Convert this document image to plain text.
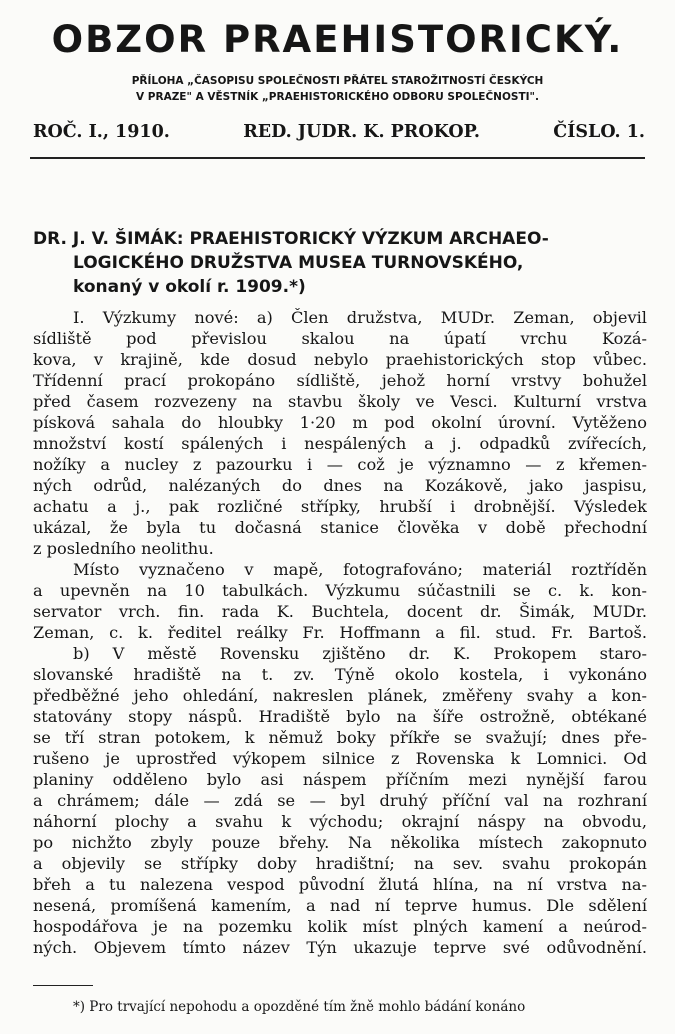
OBZOR PRAEHISTORICKÝ.
PŘÍLOHA „ČASOPISU SPOLEČNOSTI PŘÁTEL STAROŽITNOSTÍ ČESKÝCH
V PRAZE" A VĚSTNÍK „PRAEHISTORICKÉHO ODBORU SPOLEČNOSTI".
ROČ. I., 1910.	RED. JUDR. K. PROKOP.	ČÍSLO. 1.
DR. J. V. ŠIMÁK: PRAEHISTORICKÝ VÝZKUM ARCHAEO-
LOGICKÉHO DRUŽSTVA MUSEA TURNOVSKÉHO,
konaný v okolí r. 1909.*)
I. Výzkumy nové: a) Člen družstva, MUDr. Zeman, objevil
sídliště pod převislou skalou na úpatí vrchu Kozá-
kova, v krajině, kde dosud nebylo praehistorických stop vůbec.
Třídenní prací prokopáno sídliště, jehož horní vrstvy bohužel
před časem rozvezeny na stavbu školy ve Vesci. Kulturní vrstva
písková sahala do hloubky 1·20 m pod okolní úrovní. Vytěženo
množství kostí spálených i nespálených a j. odpadků zvířecích,
nožíky a nucley z pazourku i — což je významno — z křemen-
ných odrůd, nalézaných do dnes na Kozákově, jako jaspisu,
achatu a j., pak rozličné střípky, hrubší i drobnější. Výsledek
ukázal, že byla tu dočasná stanice člověka v době přechodní
z posledního neolithu.
Místo vyznačeno v mapě, fotografováno; materiál roztříděn
a upevněn na 10 tabulkách. Výzkumu súčastnili se c. k. kon-
servator vrch. fin. rada K. Buchtela, docent dr. Šimák, MUDr.
Zeman, c. k. ředitel reálky Fr. Hoffmann a fil. stud. Fr. Bartoš.
b) V městě Rovensku zjištěno dr. K. Prokopem staro-
slovanské hradiště na t. zv. Týně okolo kostela, i vykonáno
předběžné jeho ohledání, nakreslen plánek, změřeny svahy a kon-
statovány stopy náspů. Hradiště bylo na šíře ostrožně, obtékané
se tří stran potokem, k němuž boky příkře se svažují; dnes pře-
rušeno je uprostřed výkopem silnice z Rovenska k Lomnici. Od
planiny odděleno bylo asi náspem příčním mezi nynější farou
a chrámem; dále — zdá se — byl druhý příční val na rozhraní
náhorní plochy a svahu k východu; okrajní náspy na obvodu,
po nichžto zbyly pouze břehy. Na několika místech zakopnuto
a objevily se střípky doby hradištní; na sev. svahu prokopán
břeh a tu nalezena vespod původní žlutá hlína, na ní vrstva na-
nesená, promíšená kamením, a nad ní teprve humus. Dle sdělení
hospodářova je na pozemku kolik míst plných kamení a neúrod-
ných. Objevem tímto název Týn ukazuje teprve své odůvodnění.
*) Pro trvající nepohodu a opozděné tím žně mohlo bádání konáno
